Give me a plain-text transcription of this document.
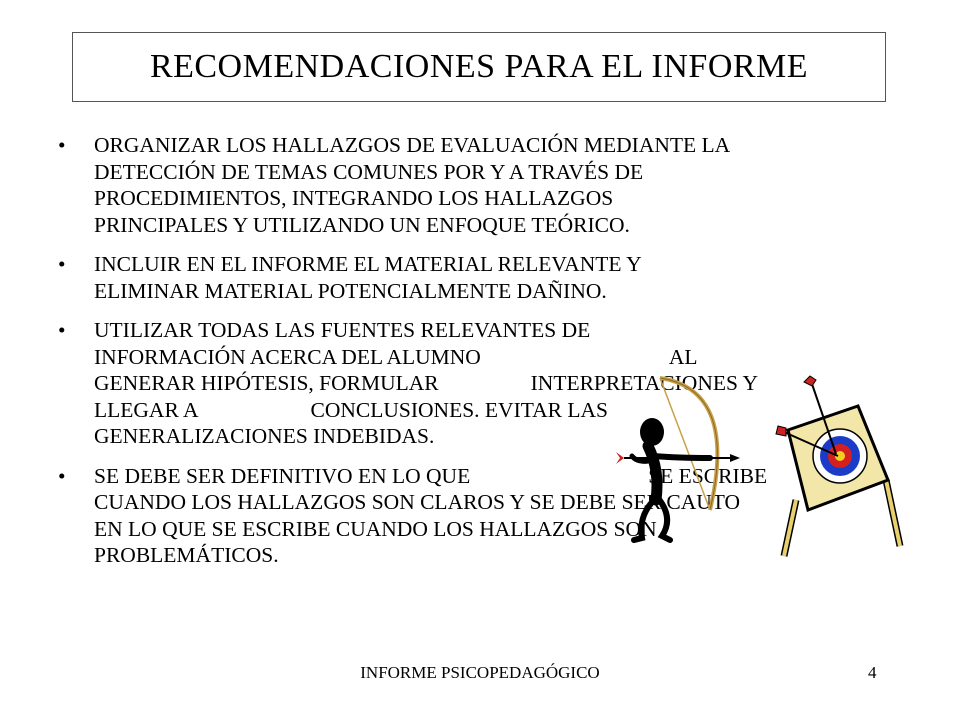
RECOMENDACIONES PARA EL INFORME
• ORGANIZAR LOS HALLAZGOS DE EVALUACIÓN MEDIANTE LA
DETECCIÓN DE TEMAS COMUNES POR Y A TRAVÉS DE
PROCEDIMIENTOS, INTEGRANDO LOS HALLAZGOS
PRINCIPALES Y UTILIZANDO UN ENFOQUE TEÓRICO.
• INCLUIR EN EL INFORME EL MATERIAL RELEVANTE Y
ELIMINAR MATERIAL POTENCIALMENTE DAÑINO.
• UTILIZAR TODAS LAS FUENTES RELEVANTES DE
INFORMACIÓN ACERCA DEL ALUMNO	AL
GENERAR HIPÓTESIS, FORMULAR	INTERPRETACIONES Y
LLEGAR A	CONCLUSIONES. EVITAR LAS
GENERALIZACIONES INDEBIDAS.
• SE DEBE SER DEFINITIVO EN LO QUE	SE ESCRIBE
CUANDO LOS HALLAZGOS SON CLAROS Y SE DEBE SER CAUTO
EN LO QUE SE ESCRIBE CUANDO LOS HALLAZGOS SON
PROBLEMÁTICOS.
INFORME PSICOPEDAGÓGICO	4
